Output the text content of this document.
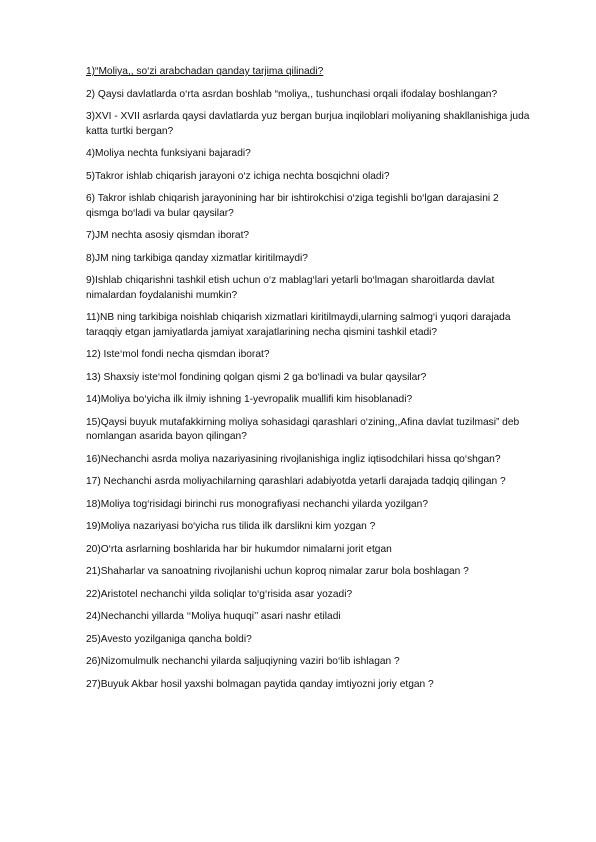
1)“Moliya,, so‘zi arabchadan qanday tarjima qilinadi?
2) Qaysi davlatlarda o‘rta asrdan boshlab “moliya,, tushunchasi orqali ifodalay boshlangan?
3)XVI - XVII asrlarda qaysi davlatlarda yuz bergan burjua inqiloblari moliyaning shakllanishiga juda katta turtki bergan?
4)Moliya nechta funksiyani bajaradi?
5)Takror ishlab chiqarish jarayoni o‘z ichiga nechta bosqichni oladi?
6) Takror ishlab chiqarish jarayonining har bir ishtirokchisi o‘ziga tegishli bo‘lgan darajasini 2 qismga bo‘ladi va bular qaysilar?
7)JM nechta asosiy qismdan iborat?
8)JM ning tarkibiga qanday xizmatlar kiritilmaydi?
9)Ishlab chiqarishni tashkil etish uchun o‘z mablag‘lari yetarli bo‘lmagan sharoitlarda davlat nimalardan foydalanishi mumkin?
11)NB ning tarkibiga noishlab chiqarish xizmatlari kiritilmaydi,ularning salmog‘i yuqori darajada taraqqiy etgan jamiyatlarda jamiyat xarajatlarining necha qismini tashkil etadi?
12) Iste‘mol fondi necha qismdan iborat?
13) Shaxsiy iste‘mol fondining qolgan qismi 2 ga bo‘linadi va bular qaysilar?
14)Moliya bo‘yicha ilk ilmiy ishning 1-yevropalik muallifi kim hisoblanadi?
15)Qaysi buyuk mutafakkirning moliya sohasidagi qarashlari o‘zining,,Afina davlat tuzilmasi” deb nomlangan asarida bayon qilingan?
16)Nechanchi asrda moliya nazariyasining rivojlanishiga ingliz iqtisodchilari hissa qo‘shgan?
17) Nechanchi asrda moliyachilarning qarashlari adabiyotda yetarli darajada tadqiq qilingan ?
18)Moliya tog‘risidagi birinchi rus monografiyasi nechanchi yilarda yozilgan?
19)Moliya nazariyasi bo‘yicha rus tilida ilk darslikni kim yozgan ?
20)O‘rta asrlarning boshlarida har bir hukumdor nimalarni jorit etgan
21)Shaharlar va sanoatning rivojlanishi uchun koproq nimalar zarur bola boshlagan ?
22)Aristotel nechanchi yilda soliqlar to‘g‘risida asar yozadi?
24)Nechanchi yillarda ‘‘Moliya huquqi’’ asari nashr etiladi
25)Avesto yozilganiga qancha boldi?
26)Nizomulmulk nechanchi yilarda saljuqiyning vaziri bo‘lib ishlagan ?
27)Buyuk Akbar hosil yaxshi bolmagan paytida qanday imtiyozni joriy etgan ?
